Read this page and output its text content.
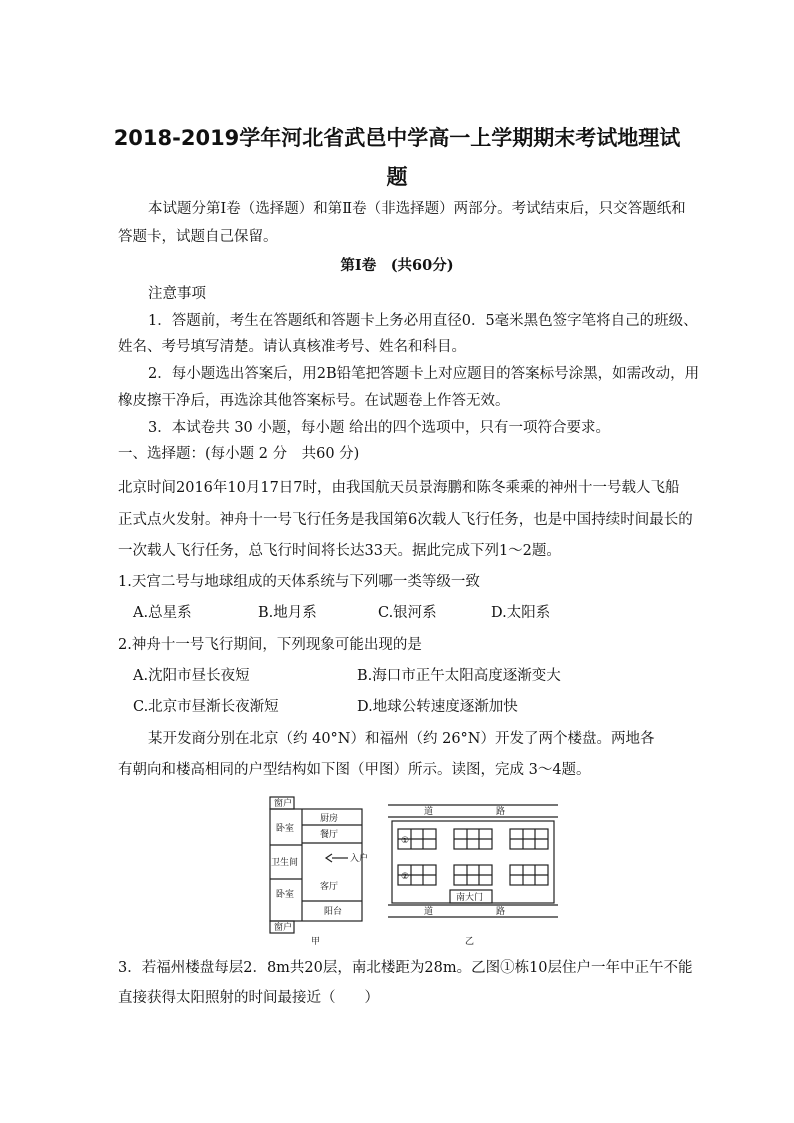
2018-2019学年河北省武邑中学高一上学期期末考试地理试
题
本试题分第Ⅰ卷（选择题）和第Ⅱ卷（非选择题）两部分。考试结束后，只交答题纸和
答题卡，试题自己保留。
第Ⅰ卷　(共60分)
注意事项
1．答题前，考生在答题纸和答题卡上务必用直径0．5毫米黑色签字笔将自己的班级、
姓名、考号填写清楚。请认真核准考号、姓名和科目。
2．每小题选出答案后，用2B铅笔把答题卡上对应题目的答案标号涂黑，如需改动，用
橡皮擦干净后，再选涂其他答案标号。在试题卷上作答无效。
3．本试卷共 30 小题，每小题 给出的四个选项中，只有一项符合要求。
一、选择题：(每小题 2 分　共60 分)
北京时间2016年10月17日7时，由我国航天员景海鹏和陈冬乘乘的神州十一号载人飞船
正式点火发射。神舟十一号飞行任务是我国第6次载人飞行任务，也是中国持续时间最长的
一次载人飞行任务，总飞行时间将长达33天。据此完成下列1～2题。
1.天宫二号与地球组成的天体系统与下列哪一类等级一致
A.总星系	B.地月系	C.银河系	D.太阳系
2.神舟十一号飞行期间，下列现象可能出现的是
A.沈阳市昼长夜短	B.海口市正午太阳高度逐渐变大
C.北京市昼渐长夜渐短	D.地球公转速度逐渐加快
某开发商分别在北京（约 40°N）和福州（约 26°N）开发了两个楼盘。两地各
有朝向和楼高相同的户型结构如下图（甲图）所示。读图，完成 3～4题。
窗户
厨房
卧室
餐厅
卫生间	入户
卧室
客厅
窗户
阳台
甲
道	路
①
②
南大门
道	路
乙
3．若福州楼盘每层2．8m共20层，南北楼距为28m。乙图①栋10层住户一年中正午不能
直接获得太阳照射的时间最接近（　　）
